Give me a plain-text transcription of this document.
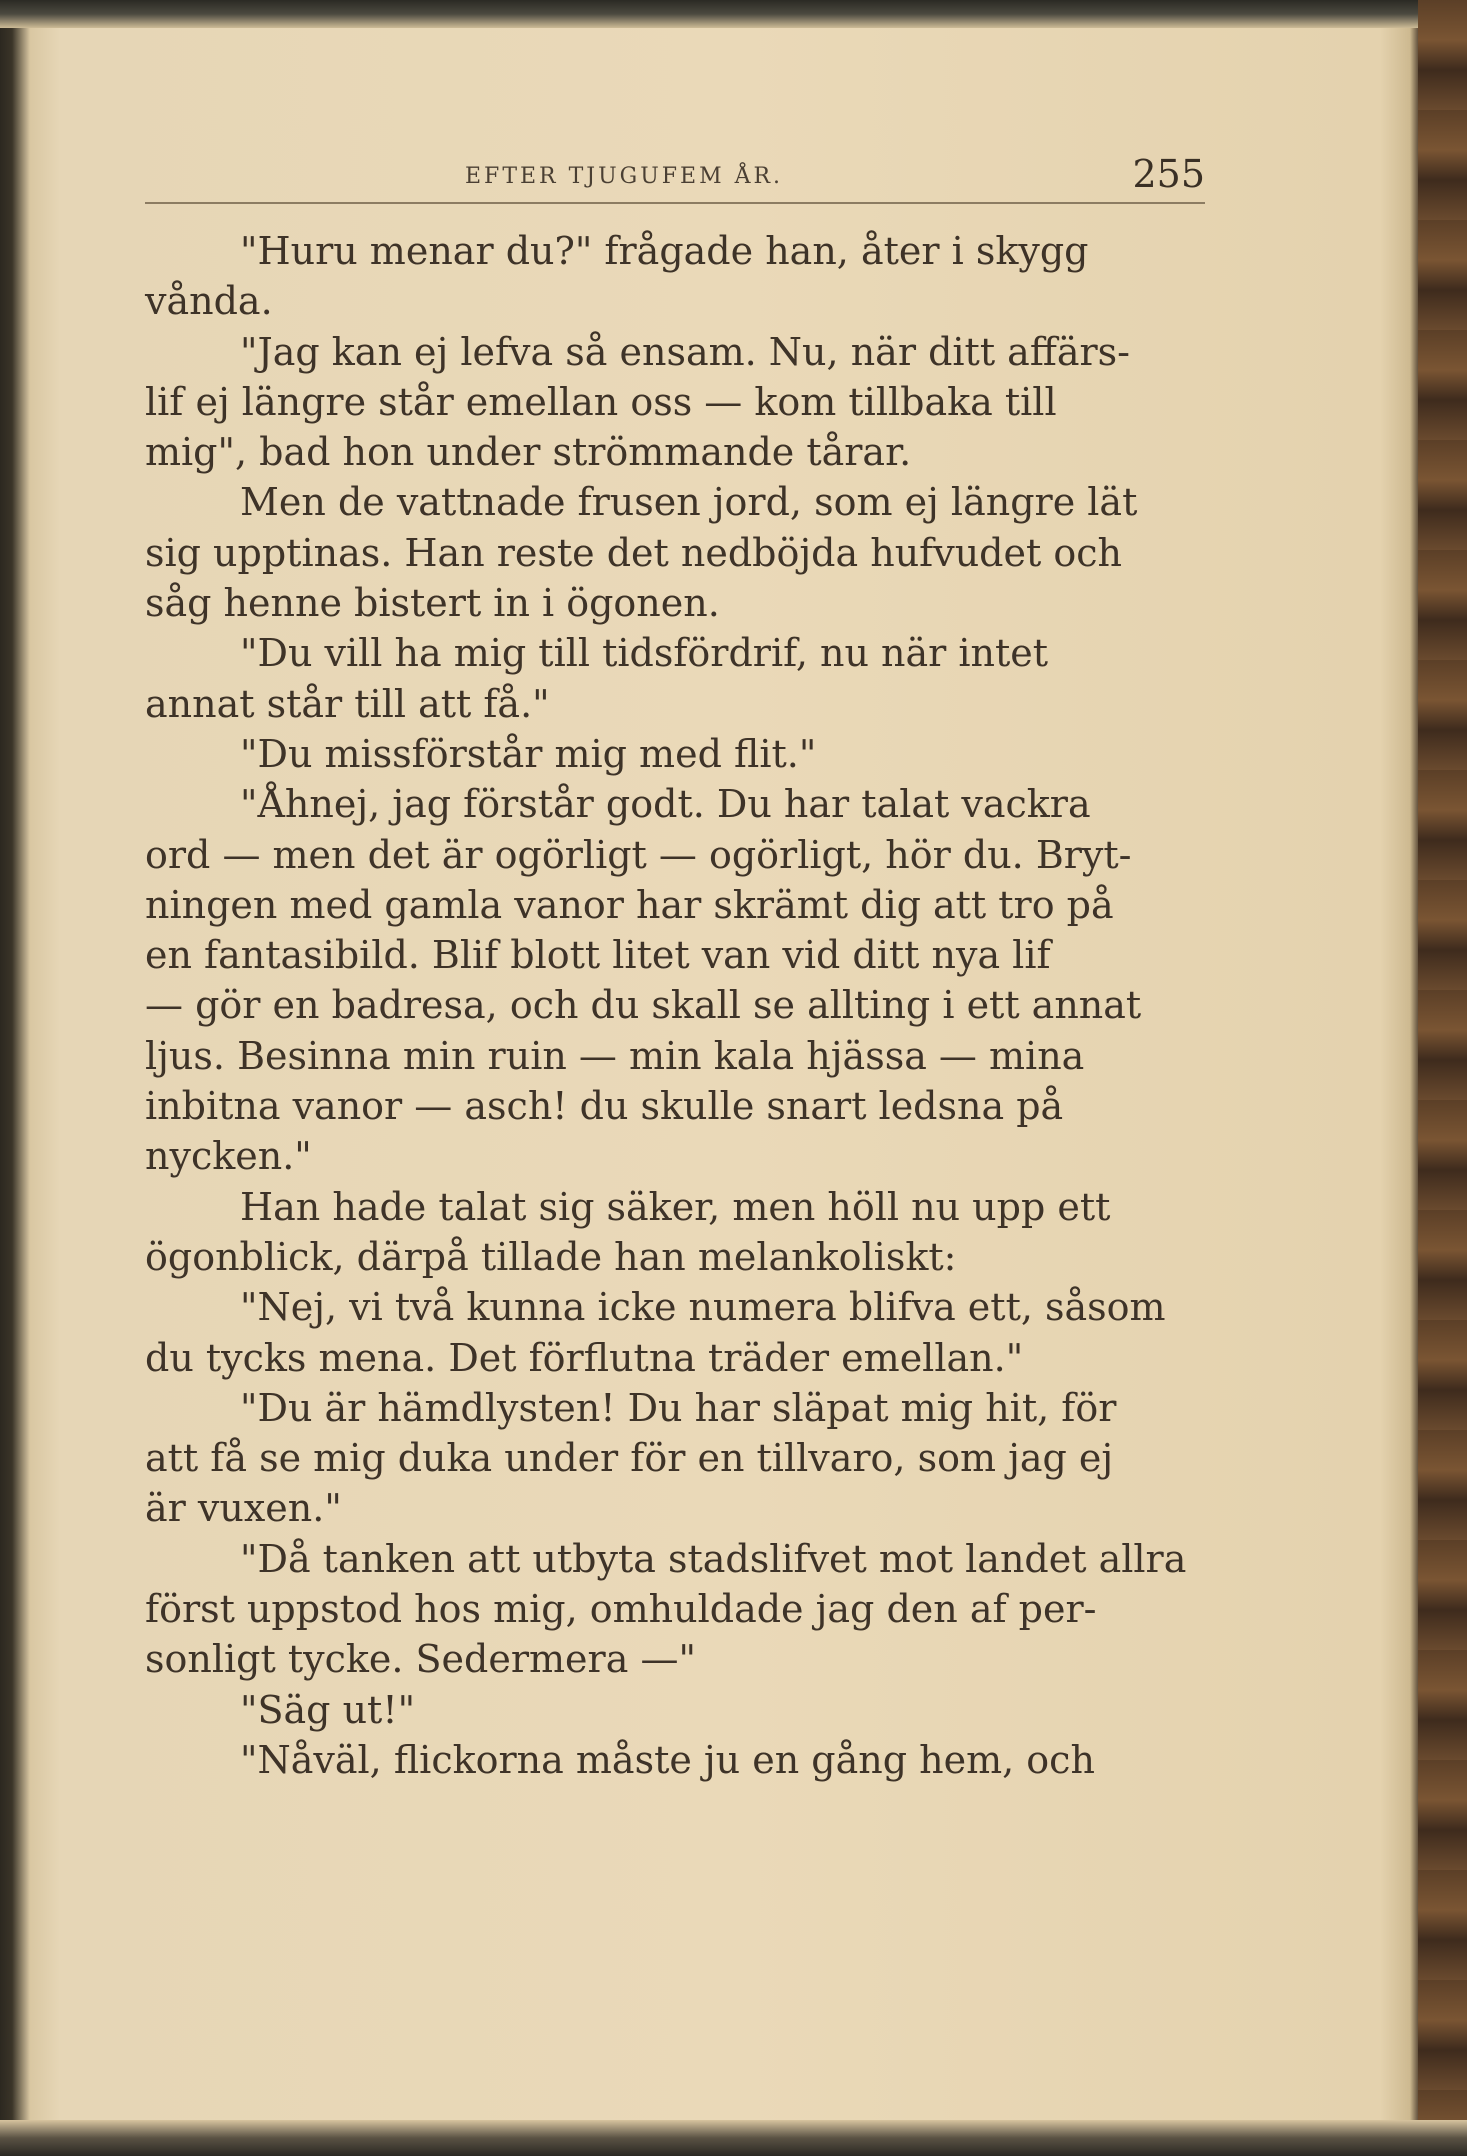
EFTER TJUGUFEM ÅR.	255

"Huru menar du?" frågade han, åter i skygg

vånda.

"Jag kan ej lefva så ensam. Nu, när ditt affärs-

lif ej längre står emellan oss — kom tillbaka till

mig", bad hon under strömmande tårar.

Men de vattnade frusen jord, som ej längre lät

sig upptinas. Han reste det nedböjda hufvudet och

såg henne bistert in i ögonen.

"Du vill ha mig till tidsfördrif, nu när intet

annat står till att få."

"Du missförstår mig med flit."

"Åhnej, jag förstår godt. Du har talat vackra

ord — men det är ogörligt — ogörligt, hör du. Bryt-

ningen med gamla vanor har skrämt dig att tro på

en fantasibild. Blif blott litet van vid ditt nya lif

— gör en badresa, och du skall se allting i ett annat

ljus. Besinna min ruin — min kala hjässa — mina

inbitna vanor — asch! du skulle snart ledsna på

nycken."

Han hade talat sig säker, men höll nu upp ett

ögonblick, därpå tillade han melankoliskt:

"Nej, vi två kunna icke numera blifva ett, såsom

du tycks mena. Det förflutna träder emellan."

"Du är hämdlysten! Du har släpat mig hit, för

att få se mig duka under för en tillvaro, som jag ej

är vuxen."

"Då tanken att utbyta stadslifvet mot landet allra

först uppstod hos mig, omhuldade jag den af per-

sonligt tycke. Sedermera —"

"Säg ut!"

"Nåväl, flickorna måste ju en gång hem, och
